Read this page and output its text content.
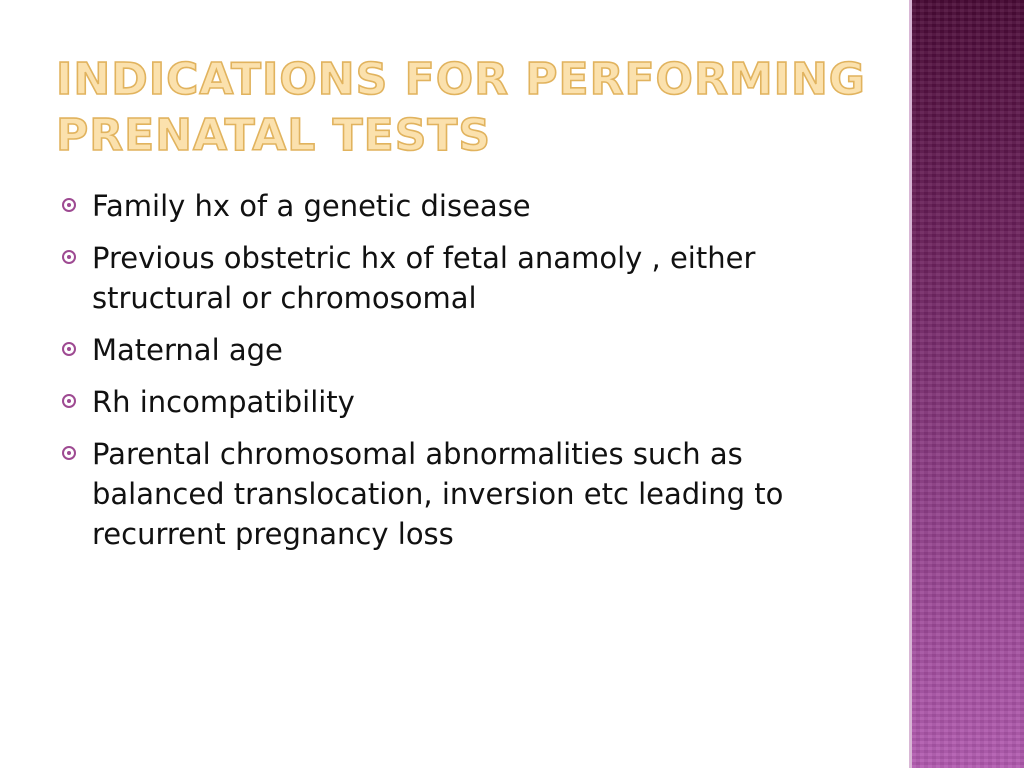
INDICATIONS FOR PERFORMING PRENATAL TESTS
Family hx of a genetic disease
Previous obstetric hx of fetal anamoly , either structural or chromosomal
Maternal age
Rh incompatibility
Parental chromosomal abnormalities such as balanced translocation, inversion etc leading to recurrent pregnancy loss
